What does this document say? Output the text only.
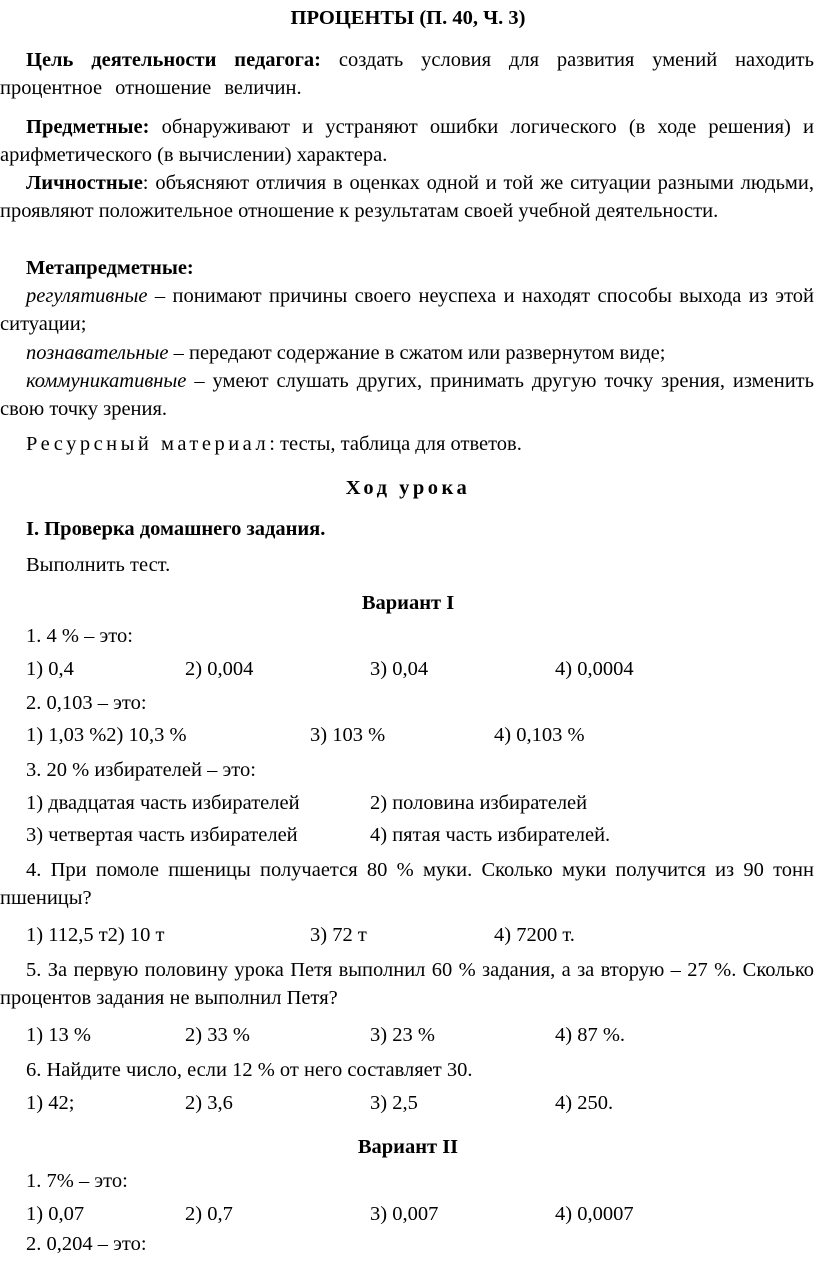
ПРОЦЕНТЫ (П. 40, Ч. 3)

Цель деятельности педагога: создать условия для развития умений находить процентное отношение величин.

Предметные: обнаруживают и устраняют ошибки логического (в ходе решения) и арифметического (в вычислении) характера.

Личностные: объясняют отличия в оценках одной и той же ситуации разными людьми, проявляют положительное отношение к результатам своей учебной деятельности.

Метапредметные:

регулятивные – понимают причины своего неуспеха и находят способы выхода из этой ситуации;

познавательные – передают содержание в сжатом или развернутом виде;

коммуникативные – умеют слушать других, принимать другую точку зрения, изменить свою точку зрения.

Ресурсный материал: тесты, таблица для ответов.
Ход урока
I. Проверка домашнего задания.
Выполнить тест.
Вариант I
1. 4 % – это:
1) 0,4	2) 0,004	3) 0,04	4) 0,0004
2. 0,103 – это:
1) 1,03 %2) 10,3 %	3) 103 %	4) 0,103 %
3. 20 % избирателей – это:
1) двадцатая часть избирателей	2) половина избирателей
3) четвертая часть избирателей	4) пятая часть избирателей.

4. При помоле пшеницы получается 80 % муки. Сколько муки получится из 90 тонн пшеницы?

1) 112,5 т2) 10 т	3) 72 т	4) 7200 т.

5. За первую половину урока Петя выполнил 60 % задания, а за вторую – 27 %. Сколько процентов задания не выполнил Петя?

1) 13 %	2) 33 %	3) 23 %	4) 87 %.
6. Найдите число, если 12 % от него составляет 30.
1) 42;	2) 3,6	3) 2,5	4) 250.
Вариант II
1. 7% – это:
1) 0,07	2) 0,7	3) 0,007	4) 0,0007
2. 0,204 – это:
